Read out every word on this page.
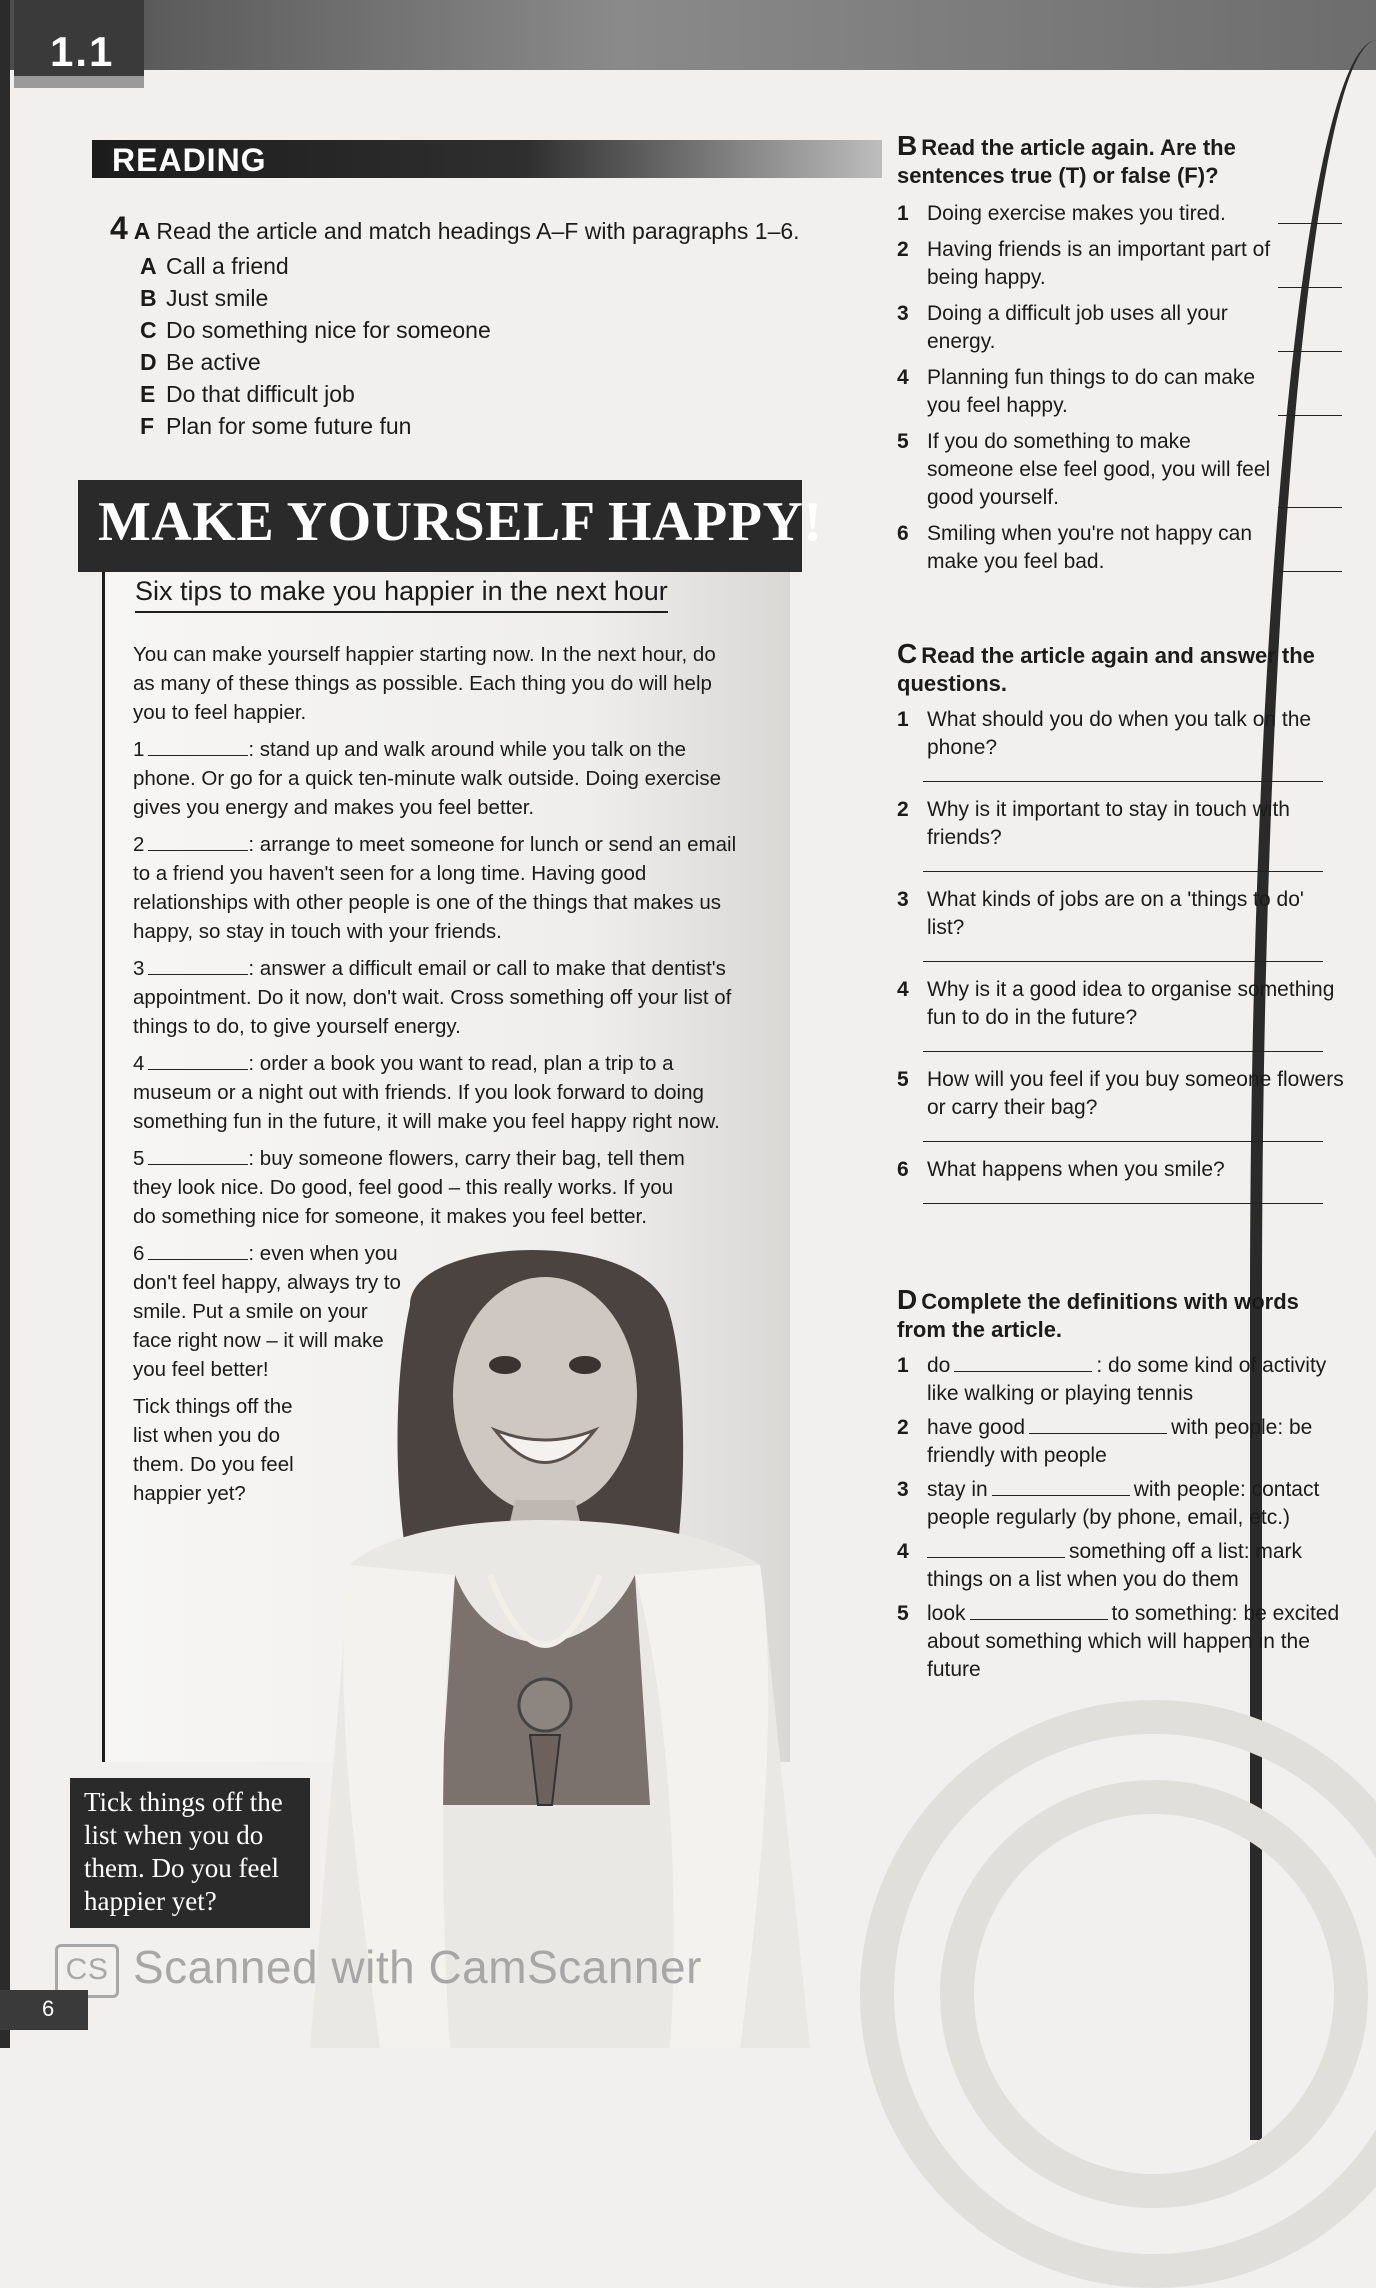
1.1
READING
4 A Read the article and match headings A–F with paragraphs 1–6.
A Call a friend
B Just smile
C Do something nice for someone
D Be active
E Do that difficult job
F Plan for some future fun
MAKE YOURSELF HAPPY!
Six tips to make you happier in the next hour

You can make yourself happier starting now. In the next hour, do as many of these things as possible. Each thing you do will help you to feel happier.

1	: stand up and walk around while you talk on the phone. Or go for a quick ten-minute walk outside. Doing exercise gives you energy and makes you feel better.

2	: arrange to meet someone for lunch or send an email to a friend you haven't seen for a long time. Having good relationships with other people is one of the things that makes us happy, so stay in touch with your friends.

3	: answer a difficult email or call to make that dentist's appointment. Do it now, don't wait. Cross something off your list of things to do, to give yourself energy.

4	: order a book you want to read, plan a trip to a museum or a night out with friends. If you look forward to doing something fun in the future, it will make you feel happy right now.

5	: buy someone flowers, carry their bag, tell them they look nice. Do good, feel good – this really works. If you do something nice for someone, it makes you feel better.

6	: even when you don't feel happy, always try to smile. Put a smile on your face right now – it will make you feel better!

Tick things off the list when you do them. Do you feel happier yet?

Tick things off the list when you do them. Do you feel happier yet?
B Read the article again. Are the sentences true (T) or false (F)?
1 Doing exercise makes you tired.
2 Having friends is an important part of being happy.
3 Doing a difficult job uses all your energy.
4 Planning fun things to do can make you feel happy.
5 If you do something to make someone else feel good, you will feel good yourself.
6 Smiling when you're not happy can make you feel bad.
C Read the article again and answer the questions.
1 What should you do when you talk on the phone?
2 Why is it important to stay in touch with friends?
3 What kinds of jobs are on a 'things to do' list?
4 Why is it a good idea to organise something fun to do in the future?
5 How will you feel if you buy someone flowers or carry their bag?
6 What happens when you smile?
D Complete the definitions with words from the article.
1 do	: do some kind of activity like walking or playing tennis
2 have good	with people: be friendly with people
3 stay in	with people: contact people regularly (by phone, email, etc.)
4	something off a list: mark things on a list when you do them
5 look	to something: be excited about something which will happen in the future
CS Scanned with CamScanner
6
